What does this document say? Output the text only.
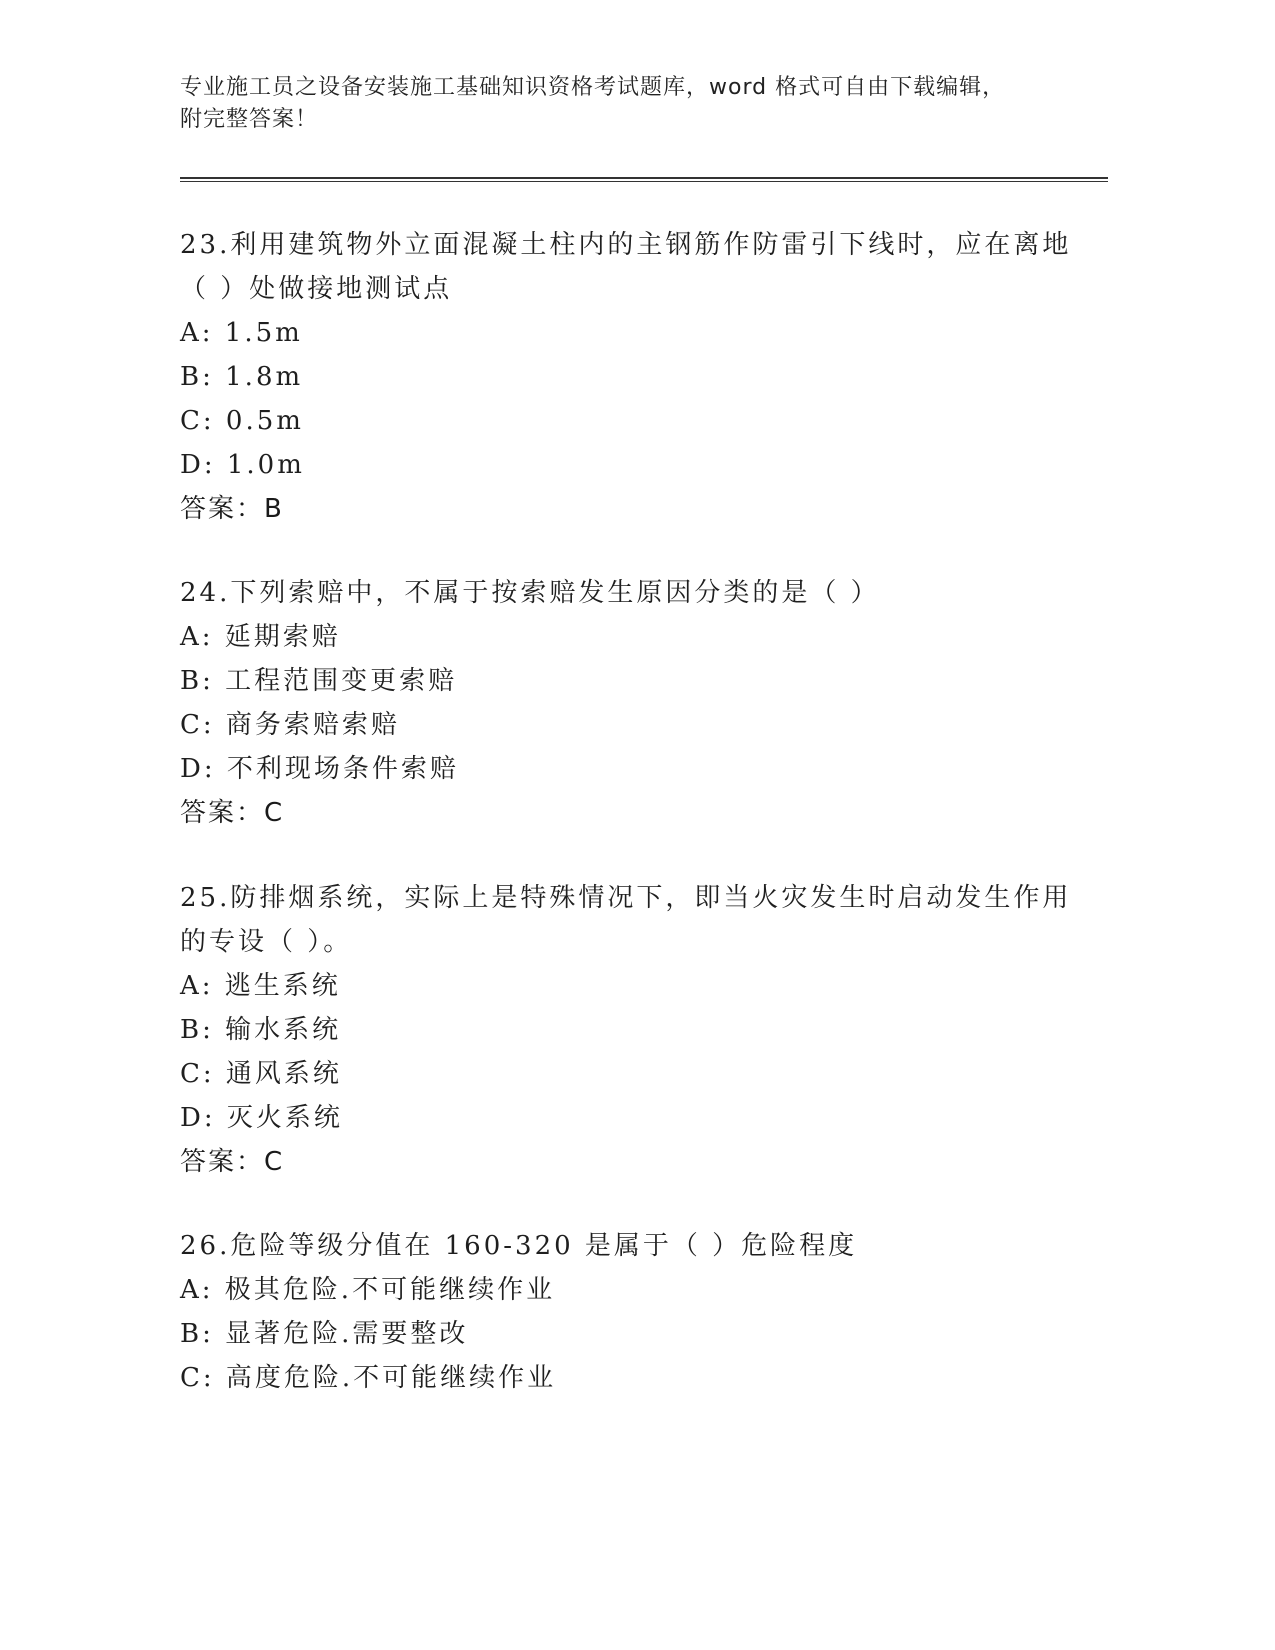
专业施工员之设备安装施工基础知识资格考试题库，word 格式可自由下载编辑，
附完整答案！
23.利用建筑物外立面混凝土柱内的主钢筋作防雷引下线时，应在离地
（ ）处做接地测试点
A: 1.5m
B: 1.8m
C: 0.5m
D: 1.0m
答案：B
24.下列索赔中，不属于按索赔发生原因分类的是（ ）
A: 延期索赔
B: 工程范围变更索赔
C: 商务索赔索赔
D: 不利现场条件索赔
答案：C
25.防排烟系统，实际上是特殊情况下，即当火灾发生时启动发生作用
的专设（ ）。
A: 逃生系统
B: 输水系统
C: 通风系统
D: 灭火系统
答案：C
26.危险等级分值在 160-320 是属于（ ）危险程度
A: 极其危险.不可能继续作业
B: 显著危险.需要整改
C: 高度危险.不可能继续作业
